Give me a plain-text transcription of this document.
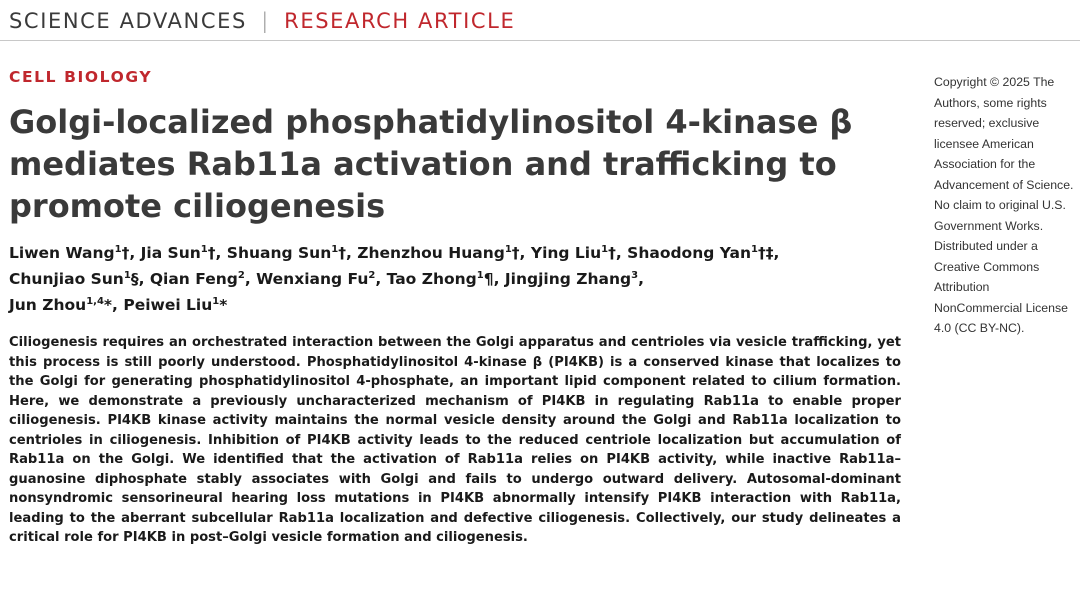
SCIENCE ADVANCES | RESEARCH ARTICLE
CELL BIOLOGY
Golgi-localized phosphatidylinositol 4-kinase β mediates Rab11a activation and trafficking to promote ciliogenesis
Liwen Wang$^1$†, Jia Sun$^1$†, Shuang Sun$^1$†, Zhenzhou Huang$^1$†, Ying Liu$^1$†, Shaodong Yan$^1$†‡,
Chunjiao Sun$^1$§, Qian Feng$^2$, Wenxiang Fu$^2$, Tao Zhong$^1$¶, Jingjing Zhang$^3$,
Jun Zhou$^{1,4}$*, Peiwei Liu$^1$*

Ciliogenesis requires an orchestrated interaction between the Golgi apparatus and centrioles via vesicle trafficking, yet this process is still poorly understood. Phosphatidylinositol 4-kinase β (PI4KB) is a conserved kinase that localizes to the Golgi for generating phosphatidylinositol 4-phosphate, an important lipid component related to cilium formation. Here, we demonstrate a previously uncharacterized mechanism of PI4KB in regulating Rab11a to enable proper ciliogenesis. PI4KB kinase activity maintains the normal vesicle density around the Golgi and Rab11a localization to centrioles in ciliogenesis. Inhibition of PI4KB activity leads to the reduced centriole localization but accumulation of Rab11a on the Golgi. We identified that the activation of Rab11a relies on PI4KB activity, while inactive Rab11a–guanosine diphosphate stably associates with Golgi and fails to undergo outward delivery. Autosomal-dominant nonsyndromic sensorineural hearing loss mutations in PI4KB abnormally intensify PI4KB interaction with Rab11a, leading to the aberrant subcellular Rab11a localization and defective ciliogenesis. Collectively, our study delineates a critical role for PI4KB in post–Golgi vesicle formation and ciliogenesis.

Copyright © 2025 The Authors, some rights reserved; exclusive licensee American Association for the Advancement of Science. No claim to original U.S. Government Works. Distributed under a Creative Commons Attribution NonCommercial License 4.0 (CC BY-NC).
